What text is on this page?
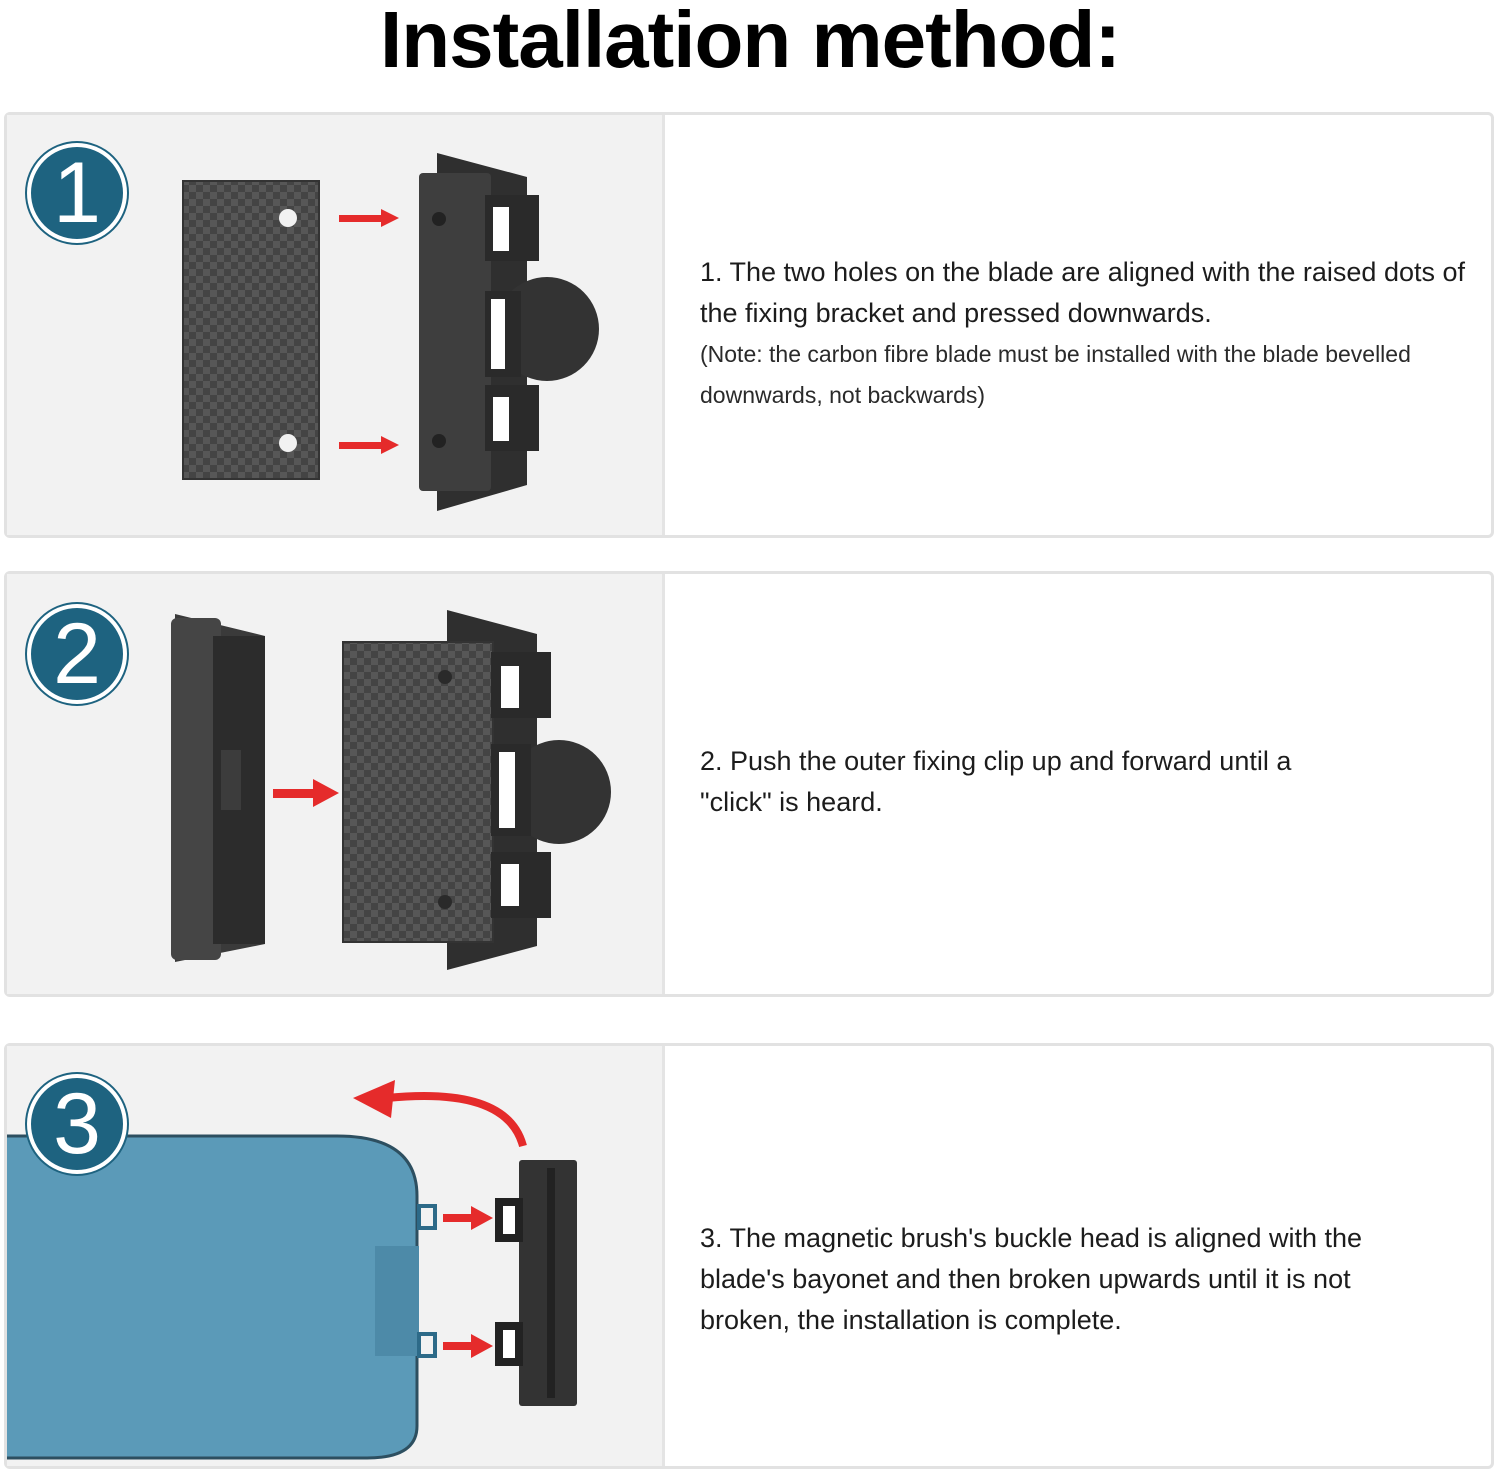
Installation method:
1
1. The two holes on the blade are aligned with the raised dots of the fixing bracket and pressed downwards.
(Note: the carbon fibre blade must be installed with the blade bevelled downwards, not backwards)
2
2. Push the outer fixing clip up and forward until a "click" is heard.
3
3. The magnetic brush's buckle head is aligned with the blade's bayonet and then broken upwards until it is not broken, the installation is complete.
